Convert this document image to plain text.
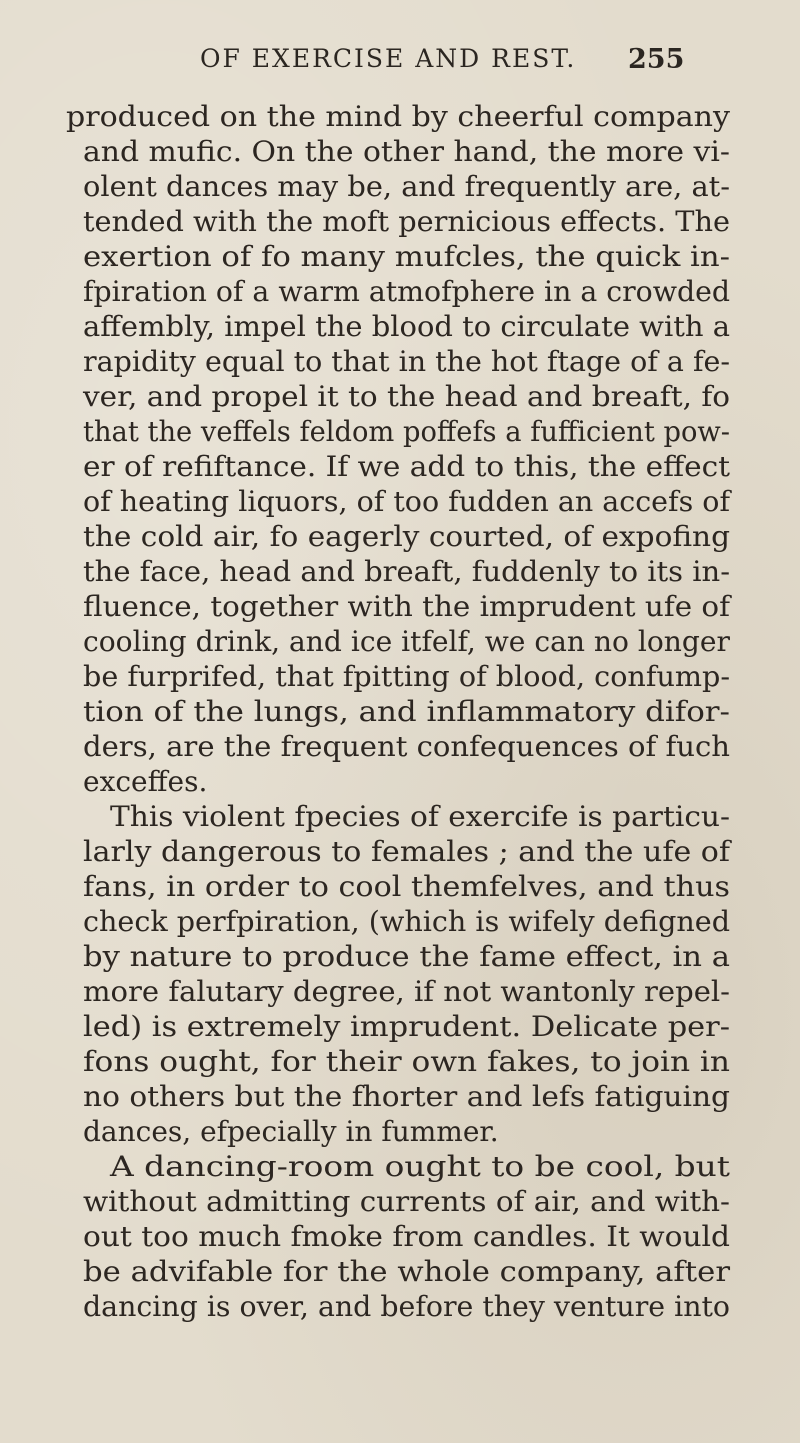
OF EXERCISE AND REST. 255
produced on the mind by cheerful company
and mufic. On the other hand, the more vi-
olent dances may be, and frequently are, at-
tended with the moft pernicious effects. The
exertion of fo many mufcles, the quick in-
fpiration of a warm atmofphere in a crowded
affembly, impel the blood to circulate with a
rapidity equal to that in the hot ftage of a fe-
ver, and propel it to the head and breaft, fo
that the veffels feldom poffefs a fufficient pow-
er of refiftance. If we add to this, the effect
of heating liquors, of too fudden an accefs of
the cold air, fo eagerly courted, of expofing
the face, head and breaft, fuddenly to its in-
fluence, together with the imprudent ufe of
cooling drink, and ice itfelf, we can no longer
be furprifed, that fpitting of blood, confump-
tion of the lungs, and inflammatory difor-
ders, are the frequent confequences of fuch
exceffes.
This violent fpecies of exercife is particu-
larly dangerous to females ; and the ufe of
fans, in order to cool themfelves, and thus
check perfpiration, (which is wifely defigned
by nature to produce the fame effect, in a
more falutary degree, if not wantonly repel-
led) is extremely imprudent. Delicate per-
fons ought, for their own fakes, to join in
no others but the fhorter and lefs fatiguing
dances, efpecially in fummer.
A dancing-room ought to be cool, but
without admitting currents of air, and with-
out too much fmoke from candles. It would
be advifable for the whole company, after
dancing is over, and before they venture into
